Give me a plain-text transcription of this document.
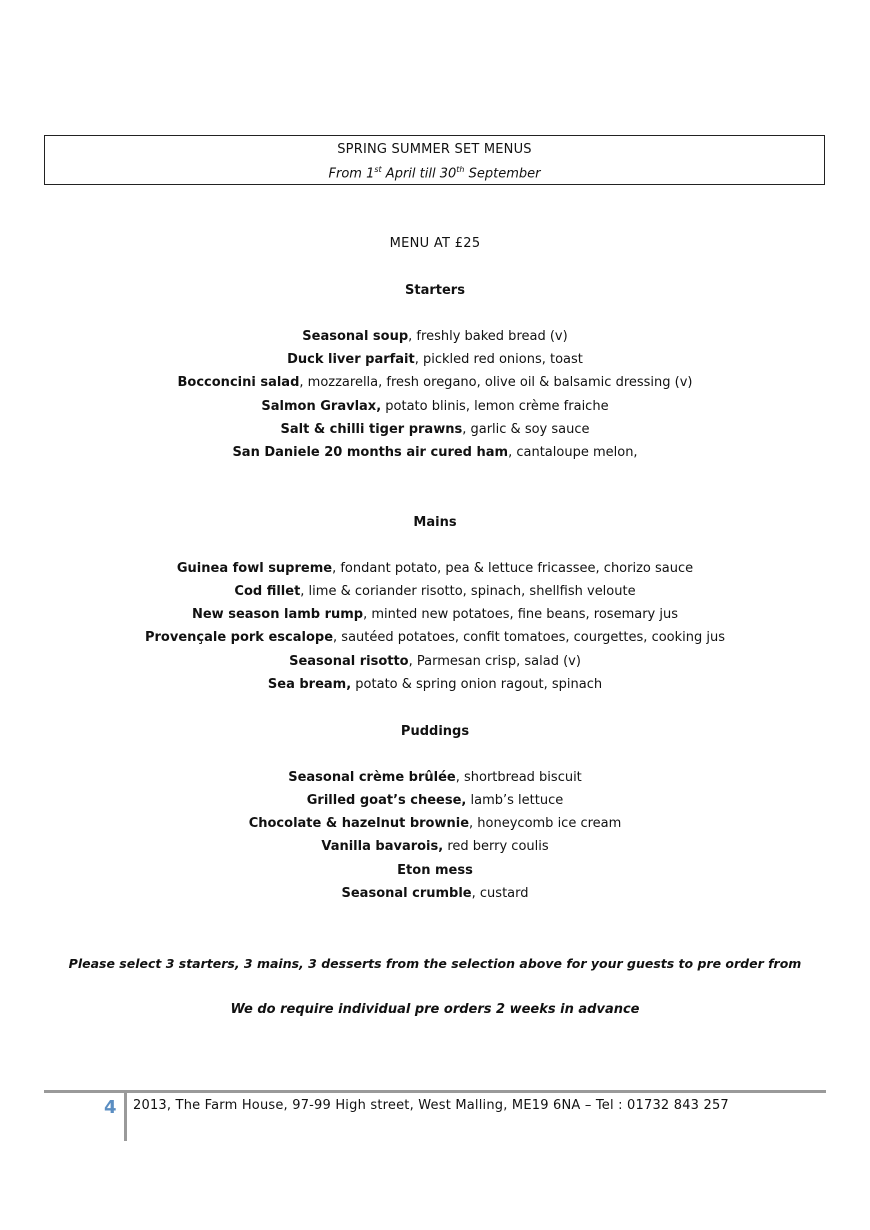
SPRING SUMMER SET MENUS
From 1st April till 30th September
MENU AT £25
Starters
Seasonal soup, freshly baked bread (v)
Duck liver parfait, pickled red onions, toast
Bocconcini salad, mozzarella, fresh oregano, olive oil & balsamic dressing (v)
Salmon Gravlax, potato blinis, lemon crème fraiche
Salt & chilli tiger prawns, garlic & soy sauce
San Daniele 20 months air cured ham, cantaloupe melon,
Mains
Guinea fowl supreme, fondant potato, pea & lettuce fricassee, chorizo sauce
Cod fillet, lime & coriander risotto, spinach, shellfish veloute
New season lamb rump, minted new potatoes, fine beans, rosemary jus
Provençale pork escalope, sautéed potatoes, confit tomatoes, courgettes, cooking jus
Seasonal risotto, Parmesan crisp, salad (v)
Sea bream, potato & spring onion ragout, spinach
Puddings
Seasonal crème brûlée, shortbread biscuit
Grilled goat’s cheese, lamb’s lettuce
Chocolate & hazelnut brownie, honeycomb ice cream
Vanilla bavarois, red berry coulis
Eton mess
Seasonal crumble, custard
Please select 3 starters, 3 mains, 3 desserts from the selection above for your guests to pre order from
We do require individual pre orders 2 weeks in advance
4 2013, The Farm House, 97-99 High street, West Malling, ME19 6NA – Tel : 01732 843 257
